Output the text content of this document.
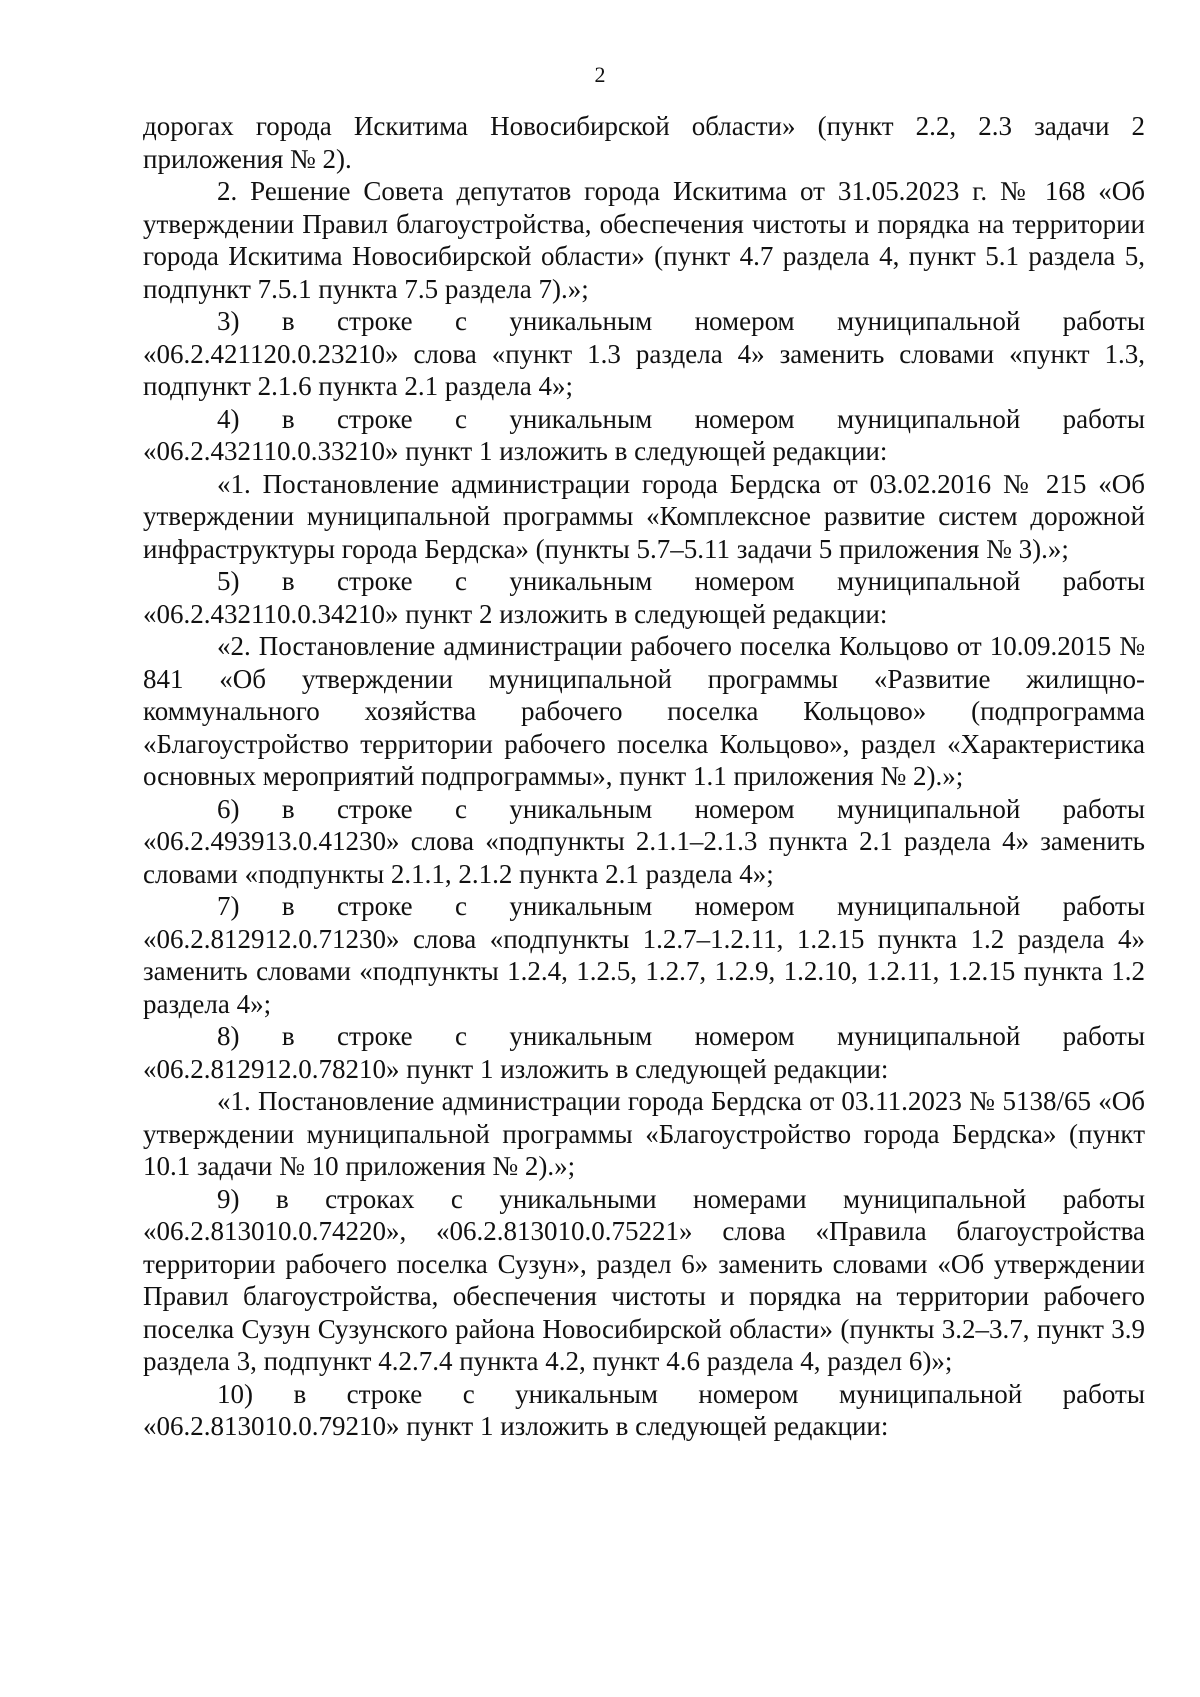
2

дорогах города Искитима Новосибирской области» (пункт 2.2, 2.3 задачи 2 приложения № 2).

2. Решение Совета депутатов города Искитима от 31.05.2023 г. № 168 «Об утверждении Правил благоустройства, обеспечения чистоты и порядка на территории города Искитима Новосибирской области» (пункт 4.7 раздела 4, пункт 5.1 раздела 5, подпункт 7.5.1 пункта 7.5 раздела 7).»;

3) в строке с уникальным номером муниципальной работы «06.2.421120.0.23210» слова «пункт 1.3 раздела 4» заменить словами «пункт 1.3, подпункт 2.1.6 пункта 2.1 раздела 4»;

4) в строке с уникальным номером муниципальной работы «06.2.432110.0.33210» пункт 1 изложить в следующей редакции:

«1. Постановление администрации города Бердска от 03.02.2016 № 215 «Об утверждении муниципальной программы «Комплексное развитие систем дорожной инфраструктуры города Бердска» (пункты 5.7–5.11 задачи 5 приложения № 3).»;

5) в строке с уникальным номером муниципальной работы «06.2.432110.0.34210» пункт 2 изложить в следующей редакции:

«2. Постановление администрации рабочего поселка Кольцово от 10.09.2015 № 841 «Об утверждении муниципальной программы «Развитие жилищно-коммунального хозяйства рабочего поселка Кольцово» (подпрограмма «Благоустройство территории рабочего поселка Кольцово», раздел «Характеристика основных мероприятий подпрограммы», пункт 1.1 приложения № 2).»;

6) в строке с уникальным номером муниципальной работы «06.2.493913.0.41230» слова «подпункты 2.1.1–2.1.3 пункта 2.1 раздела 4» заменить словами «подпункты 2.1.1, 2.1.2 пункта 2.1 раздела 4»;

7) в строке с уникальным номером муниципальной работы «06.2.812912.0.71230» слова «подпункты 1.2.7–1.2.11, 1.2.15 пункта 1.2 раздела 4» заменить словами «подпункты 1.2.4, 1.2.5, 1.2.7, 1.2.9, 1.2.10, 1.2.11, 1.2.15 пункта 1.2 раздела 4»;

8) в строке с уникальным номером муниципальной работы «06.2.812912.0.78210» пункт 1 изложить в следующей редакции:

«1. Постановление администрации города Бердска от 03.11.2023 № 5138/65 «Об утверждении муниципальной программы «Благоустройство города Бердска» (пункт 10.1 задачи № 10 приложения № 2).»;

9) в строках с уникальными номерами муниципальной работы «06.2.813010.0.74220», «06.2.813010.0.75221» слова «Правила благоустройства территории рабочего поселка Сузун», раздел 6» заменить словами «Об утверждении Правил благоустройства, обеспечения чистоты и порядка на территории рабочего поселка Сузун Сузунского района Новосибирской области» (пункты 3.2–3.7, пункт 3.9 раздела 3, подпункт 4.2.7.4 пункта 4.2, пункт 4.6 раздела 4, раздел 6)»;

10) в строке с уникальным номером муниципальной работы «06.2.813010.0.79210» пункт 1 изложить в следующей редакции:
